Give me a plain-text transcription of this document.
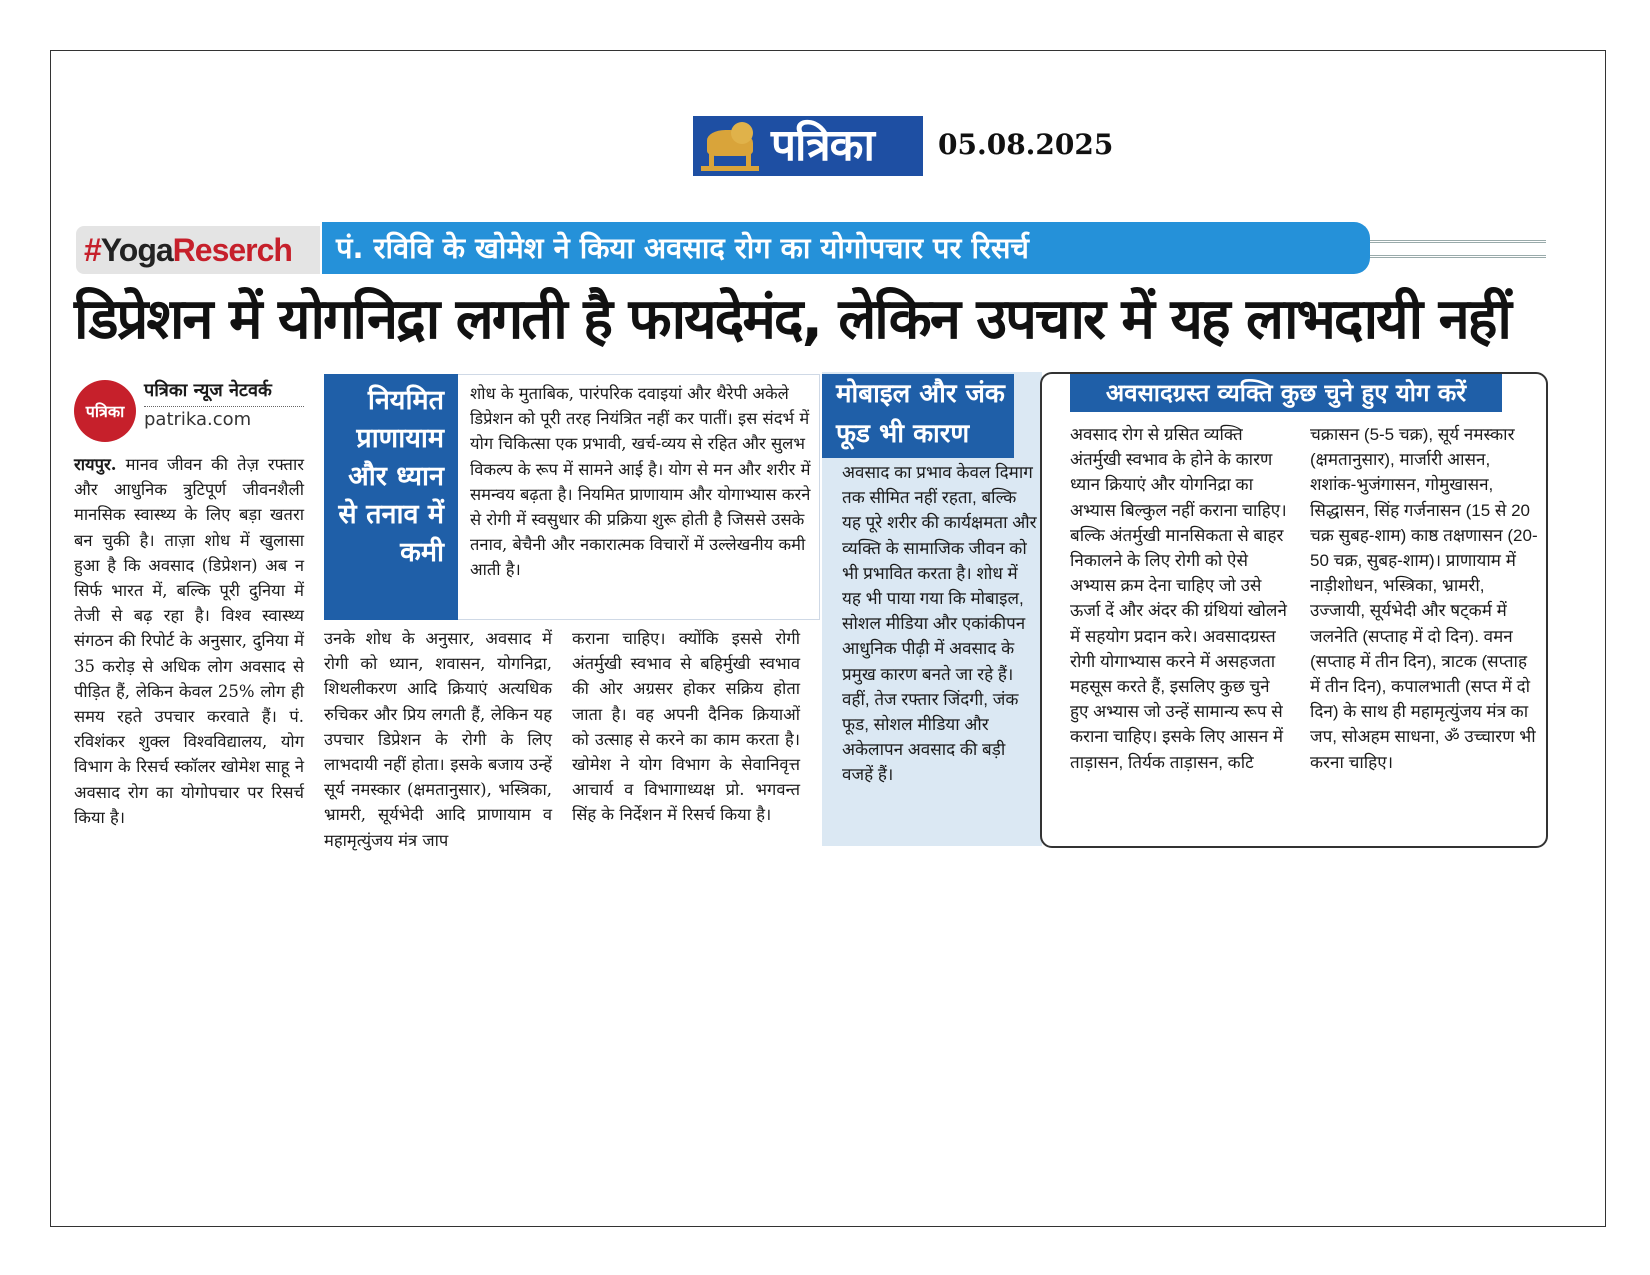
पत्रिका 05.08.2025
#YogaReserch	पं. रविवि के खोमेश ने किया अवसाद रोग का योगोपचार पर रिसर्च
डिप्रेशन में योगनिद्रा लगती है फायदेमंद, लेकिन उपचार में यह लाभदायी नहीं
पत्रिका
पत्रिका न्यूज नेटवर्क
patrika.com
रायपुर. मानव जीवन की तेज़ रफ्तार और आधुनिक त्रुटिपूर्ण जीवनशैली मानसिक स्वास्थ्य के लिए बड़ा खतरा बन चुकी है। ताज़ा शोध में खुलासा हुआ है कि अवसाद (डिप्रेशन) अब न सिर्फ भारत में, बल्कि पूरी दुनिया में तेजी से बढ़ रहा है। विश्व स्वास्थ्य संगठन की रिपोर्ट के अनुसार, दुनिया में 35 करोड़ से अधिक लोग अवसाद से पीड़ित हैं, लेकिन केवल 25% लोग ही समय रहते उपचार करवाते हैं। पं. रविशंकर शुक्ल विश्वविद्यालय, योग विभाग के रिसर्च स्कॉलर खोमेश साहू ने अवसाद रोग का योगोपचार पर रिसर्च किया है।
उनके शोध के अनुसार, अवसाद में रोगी को ध्यान, शवासन, योगनिद्रा, शिथलीकरण आदि क्रियाएं अत्यधिक रुचिकर और प्रिय लगती हैं, लेकिन यह उपचार डिप्रेशन के रोगी के लिए लाभदायी नहीं होता। इसके बजाय उन्हें सूर्य नमस्कार (क्षमतानुसार), भस्त्रिका, भ्रामरी, सूर्यभेदी आदि प्राणायाम व महामृत्युंजय मंत्र जाप
कराना चाहिए। क्योंकि इससे रोगी अंतर्मुखी स्वभाव से बहिर्मुखी स्वभाव की ओर अग्रसर होकर सक्रिय होता जाता है। वह अपनी दैनिक क्रियाओं को उत्साह से करने का काम करता है। खोमेश ने योग विभाग के सेवानिवृत्त आचार्य व विभागाध्यक्ष प्रो. भगवन्त सिंह के निर्देशन में रिसर्च किया है।
नियमित प्राणायाम और ध्यान से तनाव में कमी
शोध के मुताबिक, पारंपरिक दवाइयां और थैरेपी अकेले डिप्रेशन को पूरी तरह नियंत्रित नहीं कर पातीं। इस संदर्भ में योग चिकित्सा एक प्रभावी, खर्च-व्यय से रहित और सुलभ विकल्प के रूप में सामने आई है। योग से मन और शरीर में समन्वय बढ़ता है। नियमित प्राणायाम और योगाभ्यास करने से रोगी में स्वसुधार की प्रक्रिया शुरू होती है जिससे उसके तनाव, बेचैनी और नकारात्मक विचारों में उल्लेखनीय कमी आती है।
मोबाइल और जंक फूड भी कारण
अवसाद का प्रभाव केवल दिमाग तक सीमित नहीं रहता, बल्कि यह पूरे शरीर की कार्यक्षमता और व्यक्ति के सामाजिक जीवन को भी प्रभावित करता है। शोध में यह भी पाया गया कि मोबाइल, सोशल मीडिया और एकांकीपन आधुनिक पीढ़ी में अवसाद के प्रमुख कारण बनते जा रहे हैं। वहीं, तेज रफ्तार जिंदगी, जंक फूड, सोशल मीडिया और अकेलापन अवसाद की बड़ी वजहें हैं।
अवसादग्रस्त व्यक्ति कुछ चुने हुए योग करें
अवसाद रोग से ग्रसित व्यक्ति अंतर्मुखी स्वभाव के होने के कारण ध्यान क्रियाएं और योगनिद्रा का अभ्यास बिल्कुल नहीं कराना चाहिए। बल्कि अंतर्मुखी मानसिकता से बाहर निकालने के लिए रोगी को ऐसे अभ्यास क्रम देना चाहिए जो उसे ऊर्जा दें और अंदर की ग्रंथियां खोलने में सहयोग प्रदान करे। अवसादग्रस्त रोगी योगाभ्यास करने में असहजता महसूस करते हैं, इसलिए कुछ चुने हुए अभ्यास जो उन्हें सामान्य रूप से कराना चाहिए। इसके लिए आसन में ताड़ासन, तिर्यक ताड़ासन, कटि
चक्रासन (5-5 चक्र), सूर्य नमस्कार (क्षमतानुसार), मार्जारी आसन, शशांक-भुजंगासन, गोमुखासन, सिद्धासन, सिंह गर्जनासन (15 से 20 चक्र सुबह-शाम) काष्ठ तक्षणासन (20-50 चक्र, सुबह-शाम)। प्राणायाम में नाड़ीशोधन, भस्त्रिका, भ्रामरी, उज्जायी, सूर्यभेदी और षट्कर्म में जलनेति (सप्ताह में दो दिन). वमन (सप्ताह में तीन दिन), त्राटक (सप्ताह में तीन दिन), कपालभाती (सप्त में दो दिन) के साथ ही महामृत्युंजय मंत्र का जप, सोअहम साधना, ॐ उच्चारण भी करना चाहिए।
